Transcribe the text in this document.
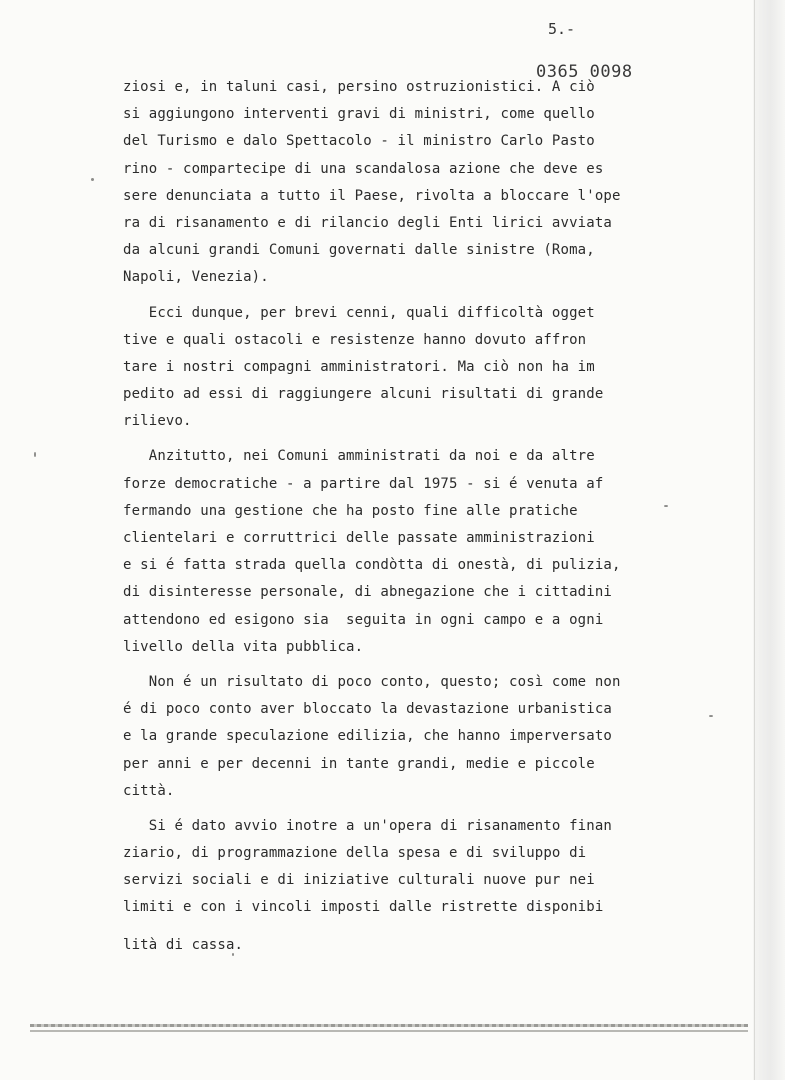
5.-
0365 0098
ziosi e, in taluni casi, persino ostruzionistici. A ciò
si aggiungono interventi gravi di ministri, come quello
del Turismo e dalo Spettacolo - il ministro Carlo Pasto
rino - compartecipe di una scandalosa azione che deve es
sere denunciata a tutto il Paese, rivolta a bloccare l'ope
ra di risanamento e di rilancio degli Enti lirici avviata
da alcuni grandi Comuni governati dalle sinistre (Roma,
Napoli, Venezia).
Ecci dunque, per brevi cenni, quali difficoltà ogget
tive e quali ostacoli e resistenze hanno dovuto affron
tare i nostri compagni amministratori. Ma ciò non ha im
pedito ad essi di raggiungere alcuni risultati di grande
rilievo.
Anzitutto, nei Comuni amministrati da noi e da altre
forze democratiche - a partire dal 1975 - si é venuta af
fermando una gestione che ha posto fine alle pratiche
clientelari e corruttrici delle passate amministrazioni
e si é fatta strada quella condòtta di onestà, di pulizia,
di disinteresse personale, di abnegazione che i cittadini
attendono ed esigono sia  seguita in ogni campo e a ogni
livello della vita pubblica.
Non é un risultato di poco conto, questo; così come non
é di poco conto aver bloccato la devastazione urbanistica
e la grande speculazione edilizia, che hanno imperversato
per anni e per decenni in tante grandi, medie e piccole
città.
Si é dato avvio inotre a un'opera di risanamento finan
ziario, di programmazione della spesa e di sviluppo di
servizi sociali e di iniziative culturali nuove pur nei
limiti e con i vincoli imposti dalle ristrette disponibi
lità di cassa.
